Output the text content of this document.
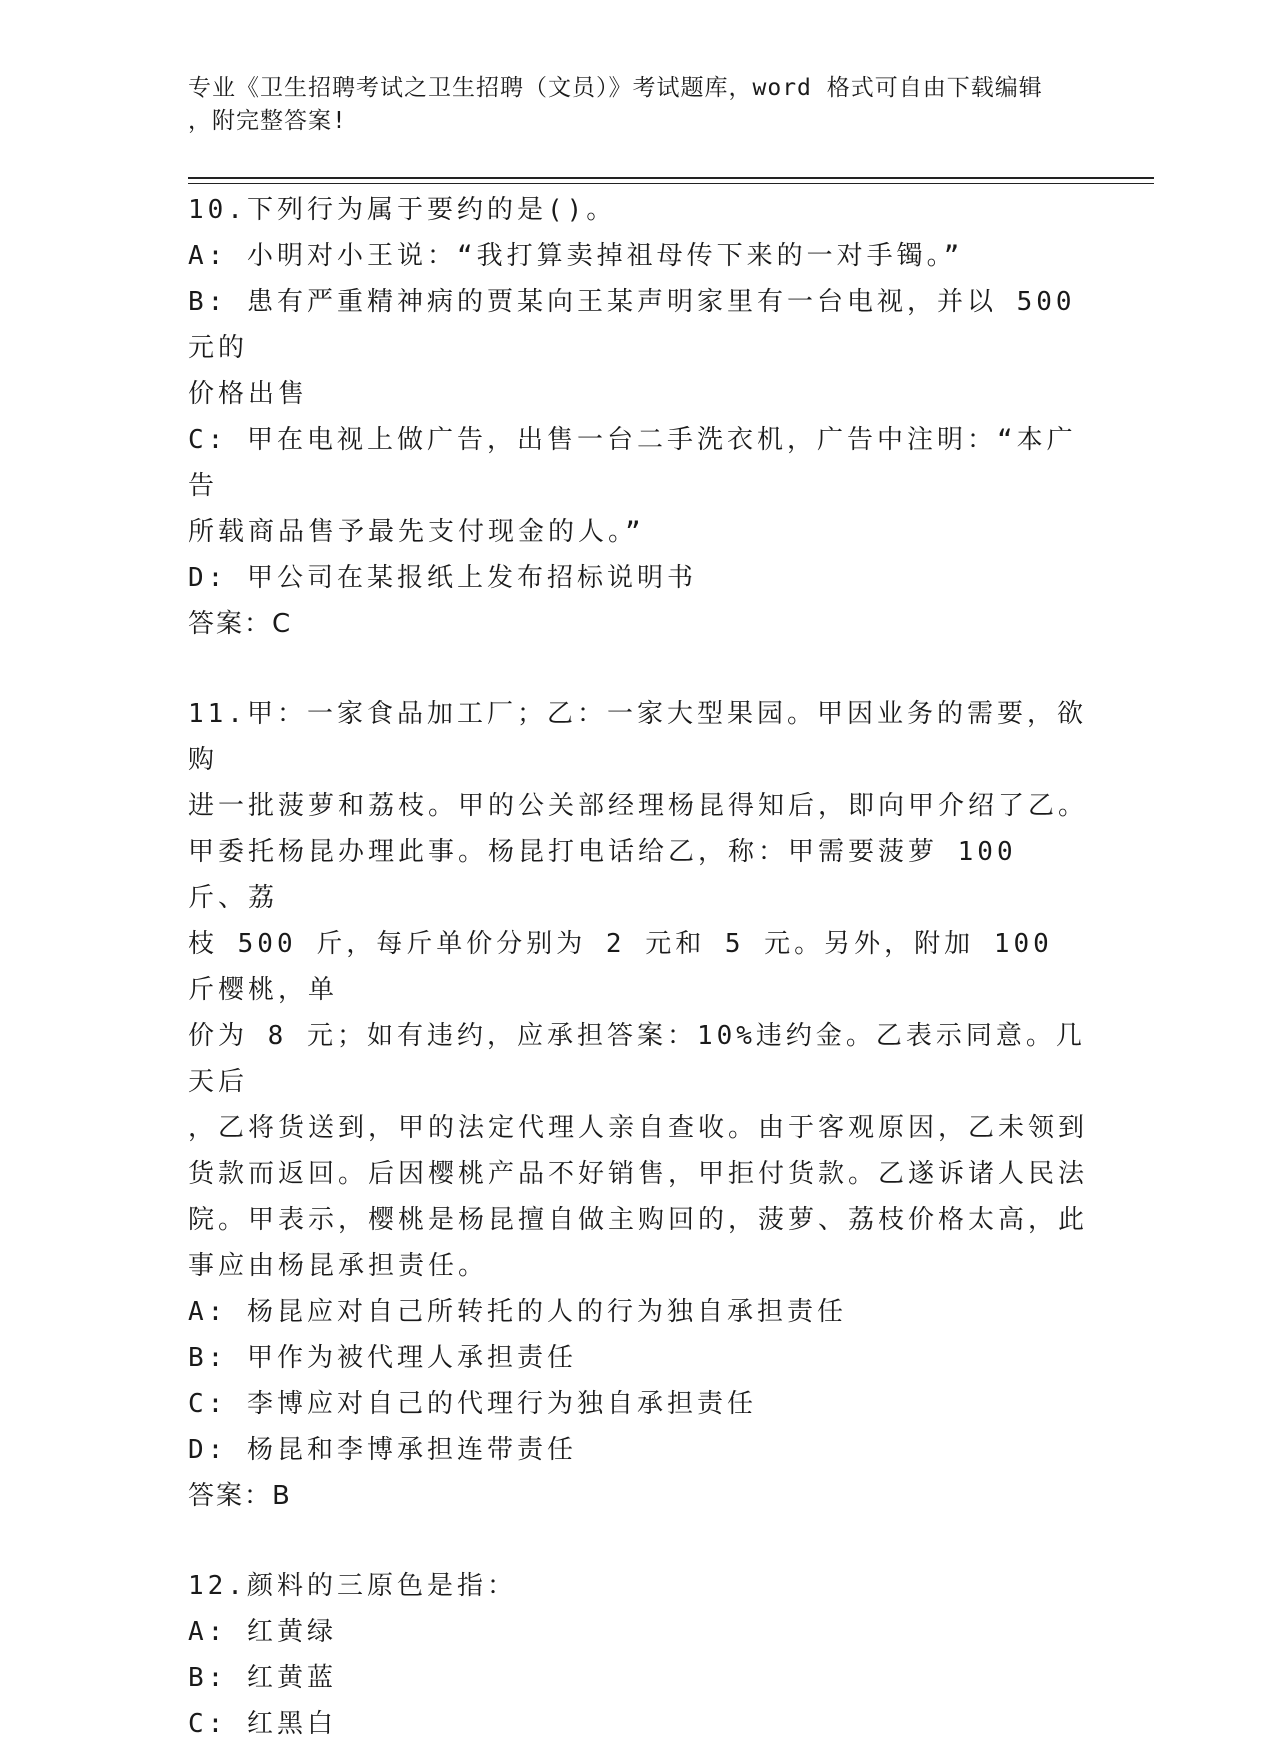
专业《卫生招聘考试之卫生招聘（文员）》考试题库，word 格式可自由下载编辑
，附完整答案!
10.下列行为属于要约的是()。
A: 小明对小王说：“我打算卖掉祖母传下来的一对手镯。”
B: 患有严重精神病的贾某向王某声明家里有一台电视，并以 500 元的
价格出售
C: 甲在电视上做广告，出售一台二手洗衣机，广告中注明：“本广告
所载商品售予最先支付现金的人。”
D: 甲公司在某报纸上发布招标说明书
答案：C
11.甲：一家食品加工厂；乙：一家大型果园。甲因业务的需要，欲购
进一批菠萝和荔枝。甲的公关部经理杨昆得知后，即向甲介绍了乙。
甲委托杨昆办理此事。杨昆打电话给乙，称：甲需要菠萝 100 斤、荔
枝 500 斤，每斤单价分别为 2 元和 5 元。另外，附加 100 斤樱桃，单
价为 8 元；如有违约，应承担答案：10%违约金。乙表示同意。几天后
，乙将货送到，甲的法定代理人亲自查收。由于客观原因，乙未领到
货款而返回。后因樱桃产品不好销售，甲拒付货款。乙遂诉诸人民法
院。甲表示，樱桃是杨昆擅自做主购回的，菠萝、荔枝价格太高，此
事应由杨昆承担责任。
A: 杨昆应对自己所转托的人的行为独自承担责任
B: 甲作为被代理人承担责任
C: 李博应对自己的代理行为独自承担责任
D: 杨昆和李博承担连带责任
答案：B
12.颜料的三原色是指：
A: 红黄绿
B: 红黄蓝
C: 红黑白
